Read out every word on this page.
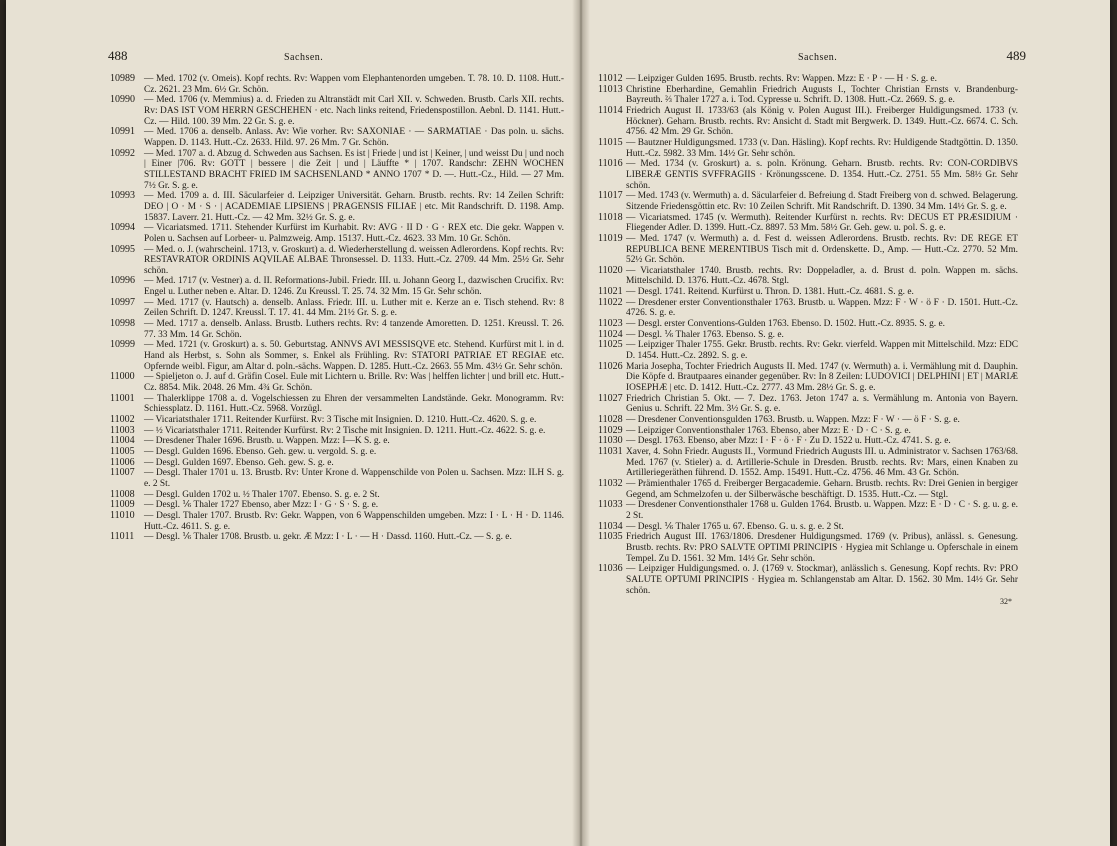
488	Sachsen.
10989 — Med. 1702 (v. Omeis). Kopf rechts. Rv: Wappen vom Elephantenorden umgeben. T. 78. 10. D. 1108. Hutt.-Cz. 2621. 23 Mm. 6½ Gr. Schön.
10990 — Med. 1706 (v. Memmius) a. d. Frieden zu Altranstädt mit Carl XII. v. Schweden. Brustb. Carls XII. rechts. Rv: DAS IST VOM HERRN GESCHEHEN · etc. Nach links reitend, Friedenspostillon. Aebnl. D. 1141. Hutt.-Cz. — Hild. 100. 39 Mm. 22 Gr. S. g. e.
10991 — Med. 1706 a. denselb. Anlass. Av: Wie vorher. Rv: SAXONIAE · — SARMATIAE · Das poln. u. sächs. Wappen. D. 1143. Hutt.-Cz. 2633. Hild. 97. 26 Mm. 7 Gr. Schön.
10992 — Med. 1707 a. d. Abzug d. Schweden aus Sachsen. Es ist | Friede | und ist | Keiner, | und weisst Du | und noch | Einer |706. Rv: GOTT | bessere | die Zeit | und | Läuffte * | 1707. Randschr: ZEHN WOCHEN STILLESTAND BRACHT FRIED IM SACHSENLAND * ANNO 1707 * D. —. Hutt.-Cz., Hild. — 27 Mm. 7½ Gr. S. g. e.
10993 — Med. 1709 a. d. III. Säcularfeier d. Leipziger Universität. Geharn. Brustb. rechts. Rv: 14 Zeilen Schrift: DEO | O · M · S · | ACADEMIAE LIPSIENS | PRAGENSIS FILIAE | etc. Mit Randschrift. D. 1198. Amp. 15837. Laverr. 21. Hutt.-Cz. — 42 Mm. 32½ Gr. S. g. e.
10994 — Vicariatsmed. 1711. Stehender Kurfürst im Kurhabit. Rv: AVG · II D · G · REX etc. Die gekr. Wappen v. Polen u. Sachsen auf Lorbeer- u. Palmzweig. Amp. 15137. Hutt.-Cz. 4623. 33 Mm. 10 Gr. Schön.
10995 — Med. o. J. (wahrscheinl. 1713, v. Groskurt) a. d. Wiederherstellung d. weissen Adlerordens. Kopf rechts. Rv: RESTAVRATOR ORDINIS AQVILAE ALBAE Thronsessel. D. 1133. Hutt.-Cz. 2709. 44 Mm. 25½ Gr. Sehr schön.
10996 — Med. 1717 (v. Vestner) a. d. II. Reformations-Jubil. Friedr. III. u. Johann Georg I., dazwischen Crucifix. Rv: Engel u. Luther neben e. Altar. D. 1246. Zu Kreussl. T. 25. 74. 32 Mm. 15 Gr. Sehr schön.
10997 — Med. 1717 (v. Hautsch) a. denselb. Anlass. Friedr. III. u. Luther mit e. Kerze an e. Tisch stehend. Rv: 8 Zeilen Schrift. D. 1247. Kreussl. T. 17. 41. 44 Mm. 21½ Gr. S. g. e.
10998 — Med. 1717 a. denselb. Anlass. Brustb. Luthers rechts. Rv: 4 tanzende Amoretten. D. 1251. Kreussl. T. 26. 77. 33 Mm. 14 Gr. Schön.
10999 — Med. 1721 (v. Groskurt) a. s. 50. Geburtstag. ANNVS AVI MESSISQVE etc. Stehend. Kurfürst mit l. in d. Hand als Herbst, s. Sohn als Sommer, s. Enkel als Frühling. Rv: STATORI PATRIAE ET REGIAE etc. Opfernde weibl. Figur, am Altar d. poln.-sächs. Wappen. D. 1285. Hutt.-Cz. 2663. 55 Mm. 43½ Gr. Sehr schön.
11000 — Spieljeton o. J. auf d. Gräfin Cosel. Eule mit Lichtern u. Brille. Rv: Was | helffen lichter | und brill etc. Hutt.-Cz. 8854. Mik. 2048. 26 Mm. 4¾ Gr. Schön.
11001 — Thalerklippe 1708 a. d. Vogelschiessen zu Ehren der versammelten Landstände. Gekr. Monogramm. Rv: Schiessplatz. D. 1161. Hutt.-Cz. 5968. Vorzügl.
11002 — Vicariatsthaler 1711. Reitender Kurfürst. Rv: 3 Tische mit Insignien. D. 1210. Hutt.-Cz. 4620. S. g. e.
11003 — ½ Vicariatsthaler 1711. Reitender Kurfürst. Rv: 2 Tische mit Insignien. D. 1211. Hutt.-Cz. 4622. S. g. e.
11004 — Dresdener Thaler 1696. Brustb. u. Wappen. Mzz: I—K S. g. e.
11005 — Desgl. Gulden 1696. Ebenso. Geh. gew. u. vergold. S. g. e.
11006 — Desgl. Gulden 1697. Ebenso. Geh. gew. S. g. e.
11007 — Desgl. Thaler 1701 u. 13. Brustb. Rv: Unter Krone d. Wappenschilde von Polen u. Sachsen. Mzz: ILH S. g. e. 2 St.
11008 — Desgl. Gulden 1702 u. ½ Thaler 1707. Ebenso. S. g. e. 2 St.
11009 — Desgl. ⅙ Thaler 1727 Ebenso, aber Mzz: I · G · S · S. g. e.
11010 — Desgl. Thaler 1707. Brustb. Rv: Gekr. Wappen, von 6 Wappenschilden umgeben. Mzz: I · L · H · D. 1146. Hutt.-Cz. 4611. S. g. e.
11011 — Desgl. ⅙ Thaler 1708. Brustb. u. gekr. Æ Mzz: I · L · — H · Dassd. 1160. Hutt.-Cz. — S. g. e.
Sachsen.	489
11012 — Leipziger Gulden 1695. Brustb. rechts. Rv: Wappen. Mzz: E · P · — H · S. g. e.
11013 Christine Eberhardine, Gemahlin Friedrich Augusts I., Tochter Christian Ernsts v. Brandenburg-Bayreuth. ⅔ Thaler 1727 a. i. Tod. Cypresse u. Schrift. D. 1308. Hutt.-Cz. 2669. S. g. e.
11014 Friedrich August II. 1733/63 (als König v. Polen August III.). Freiberger Huldigungsmed. 1733 (v. Höckner). Geharn. Brustb. rechts. Rv: Ansicht d. Stadt mit Bergwerk. D. 1349. Hutt.-Cz. 6674. C. Sch. 4756. 42 Mm. 29 Gr. Schön.
11015 — Bautzner Huldigungsmed. 1733 (v. Dan. Häsling). Kopf rechts. Rv: Huldigende Stadtgöttin. D. 1350. Hutt.-Cz. 5982. 33 Mm. 14½ Gr. Sehr schön.
11016 — Med. 1734 (v. Groskurt) a. s. poln. Krönung. Geharn. Brustb. rechts. Rv: CON-CORDIBVS LIBERÆ GENTIS SVFFRAGIIS · Krönungsscene. D. 1354. Hutt.-Cz. 2751. 55 Mm. 58½ Gr. Sehr schön.
11017 — Med. 1743 (v. Wermuth) a. d. Säcularfeier d. Befreiung d. Stadt Freiberg von d. schwed. Belagerung. Sitzende Friedensgöttin etc. Rv: 10 Zeilen Schrift. Mit Randschrift. D. 1390. 34 Mm. 14½ Gr. S. g. e.
11018 — Vicariatsmed. 1745 (v. Wermuth). Reitender Kurfürst n. rechts. Rv: DECUS ET PRÆSIDIUM · Fliegender Adler. D. 1399. Hutt.-Cz. 8897. 53 Mm. 58½ Gr. Geh. gew. u. pol. S. g. e.
11019 — Med. 1747 (v. Wermuth) a. d. Fest d. weissen Adlerordens. Brustb. rechts. Rv: DE REGE ET REPUBLICA BENE MERENTIBUS Tisch mit d. Ordenskette. D., Amp. — Hutt.-Cz. 2770. 52 Mm. 52½ Gr. Schön.
11020 — Vicariatsthaler 1740. Brustb. rechts. Rv: Doppeladler, a. d. Brust d. poln. Wappen m. sächs. Mittelschild. D. 1376. Hutt.-Cz. 4678. Stgl.
11021 — Desgl. 1741. Reitend. Kurfürst u. Thron. D. 1381. Hutt.-Cz. 4681. S. g. e.
11022 — Dresdener erster Conventionsthaler 1763. Brustb. u. Wappen. Mzz: F · W · ö F · D. 1501. Hutt.-Cz. 4726. S. g. e.
11023 — Desgl. erster Conventions-Gulden 1763. Ebenso. D. 1502. Hutt.-Cz. 8935. S. g. e.
11024 — Desgl. ⅙ Thaler 1763. Ebenso. S. g. e.
11025 — Leipziger Thaler 1755. Gekr. Brustb. rechts. Rv: Gekr. vierfeld. Wappen mit Mittelschild. Mzz: EDC D. 1454. Hutt.-Cz. 2892. S. g. e.
11026 Maria Josepha, Tochter Friedrich Augusts II. Med. 1747 (v. Wermuth) a. i. Vermählung mit d. Dauphin. Die Köpfe d. Brautpaares einander gegenüber. Rv: In 8 Zeilen: LUDOVICI | DELPHINI | ET | MARIÆ IOSEPHÆ | etc. D. 1412. Hutt.-Cz. 2777. 43 Mm. 28½ Gr. S. g. e.
11027 Friedrich Christian 5. Okt. — 7. Dez. 1763. Jeton 1747 a. s. Vermählung m. Antonia von Bayern. Genius u. Schrift. 22 Mm. 3½ Gr. S. g. e.
11028 — Dresdener Conventionsgulden 1763. Brustb. u. Wappen. Mzz: F · W · — ö F · S. g. e.
11029 — Leipziger Conventionsthaler 1763. Ebenso, aber Mzz: E · D · C · S. g. e.
11030 — Desgl. 1763. Ebenso, aber Mzz: I · F · ö · F · Zu D. 1522 u. Hutt.-Cz. 4741. S. g. e.
11031 Xaver, 4. Sohn Friedr. Augusts II., Vormund Friedrich Augusts III. u. Administrator v. Sachsen 1763/68. Med. 1767 (v. Stieler) a. d. Artillerie-Schule in Dresden. Brustb. rechts. Rv: Mars, einen Knaben zu Artilleriegeräthen führend. D. 1552. Amp. 15491. Hutt.-Cz. 4756. 46 Mm. 43 Gr. Schön.
11032 — Prämienthaler 1765 d. Freiberger Bergacademie. Geharn. Brustb. rechts. Rv: Drei Genien in bergiger Gegend, am Schmelzofen u. der Silberwäsche beschäftigt. D. 1535. Hutt.-Cz. — Stgl.
11033 — Dresdener Conventionsthaler 1768 u. Gulden 1764. Brustb. u. Wappen. Mzz: E · D · C · S. g. u. g. e. 2 St.
11034 — Desgl. ⅙ Thaler 1765 u. 67. Ebenso. G. u. s. g. e. 2 St.
11035 Friedrich August III. 1763/1806. Dresdener Huldigungsmed. 1769 (v. Pribus), anlässl. s. Genesung. Brustb. rechts. Rv: PRO SALVTE OPTIMI PRINCIPIS · Hygiea mit Schlange u. Opferschale in einem Tempel. Zu D. 1561. 32 Mm. 14½ Gr. Sehr schön.
11036 — Leipziger Huldigungsmed. o. J. (1769 v. Stockmar), anlässlich s. Genesung. Kopf rechts. Rv: PRO SALUTE OPTUMI PRINCIPIS · Hygiea m. Schlangenstab am Altar. D. 1562. 30 Mm. 14½ Gr. Sehr schön.
32*
